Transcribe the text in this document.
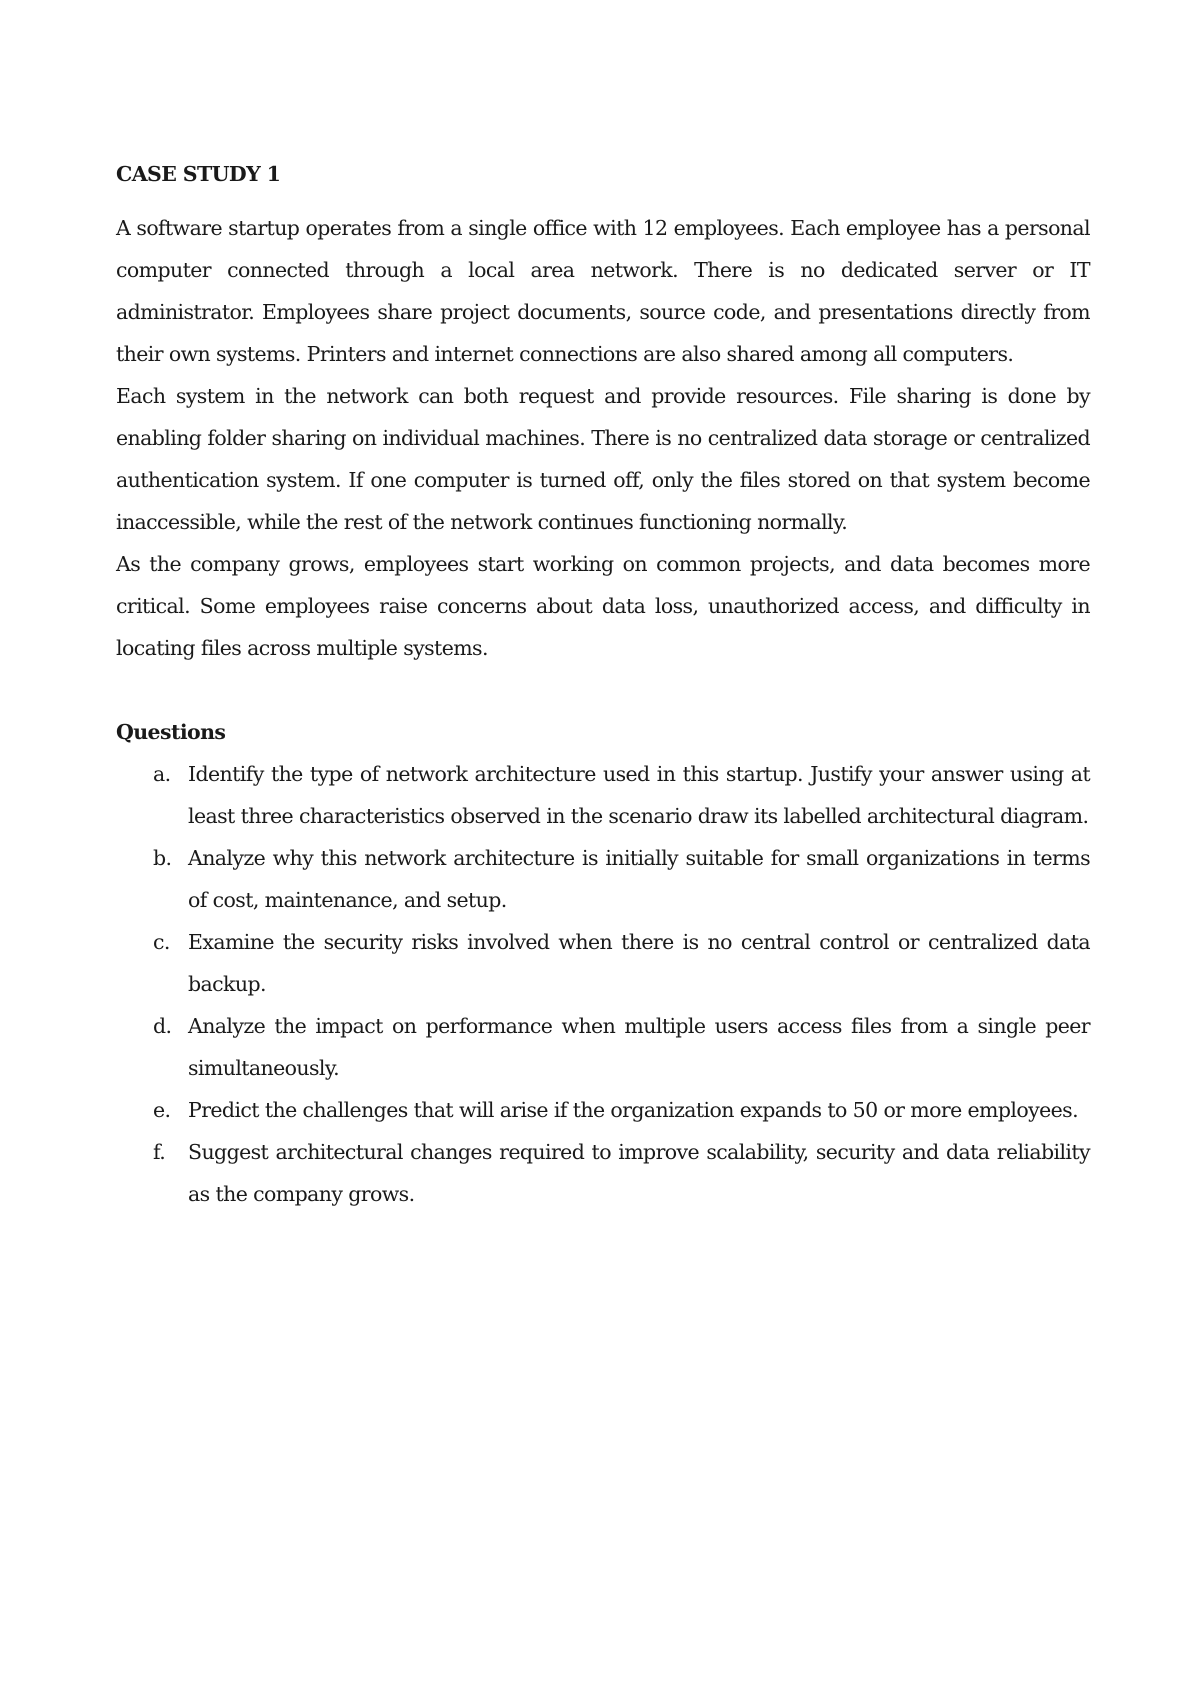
CASE STUDY 1

A software startup operates from a single office with 12 employees. Each employee has a personal computer connected through a local area network. There is no dedicated server or IT administrator. Employees share project documents, source code, and presentations directly from their own systems. Printers and internet connections are also shared among all computers.

Each system in the network can both request and provide resources. File sharing is done by enabling folder sharing on individual machines. There is no centralized data storage or centralized authentication system. If one computer is turned off, only the files stored on that system become inaccessible, while the rest of the network continues functioning normally.

As the company grows, employees start working on common projects, and data becomes more critical. Some employees raise concerns about data loss, unauthorized access, and difficulty in locating files across multiple systems.

Questions
a. Identify the type of network architecture used in this startup. Justify your answer using at least three characteristics observed in the scenario draw its labelled architectural diagram.
b. Analyze why this network architecture is initially suitable for small organizations in terms of cost, maintenance, and setup.
c. Examine the security risks involved when there is no central control or centralized data backup.
d. Analyze the impact on performance when multiple users access files from a single peer simultaneously.
e. Predict the challenges that will arise if the organization expands to 50 or more employees.
f. Suggest architectural changes required to improve scalability, security and data reliability as the company grows.
